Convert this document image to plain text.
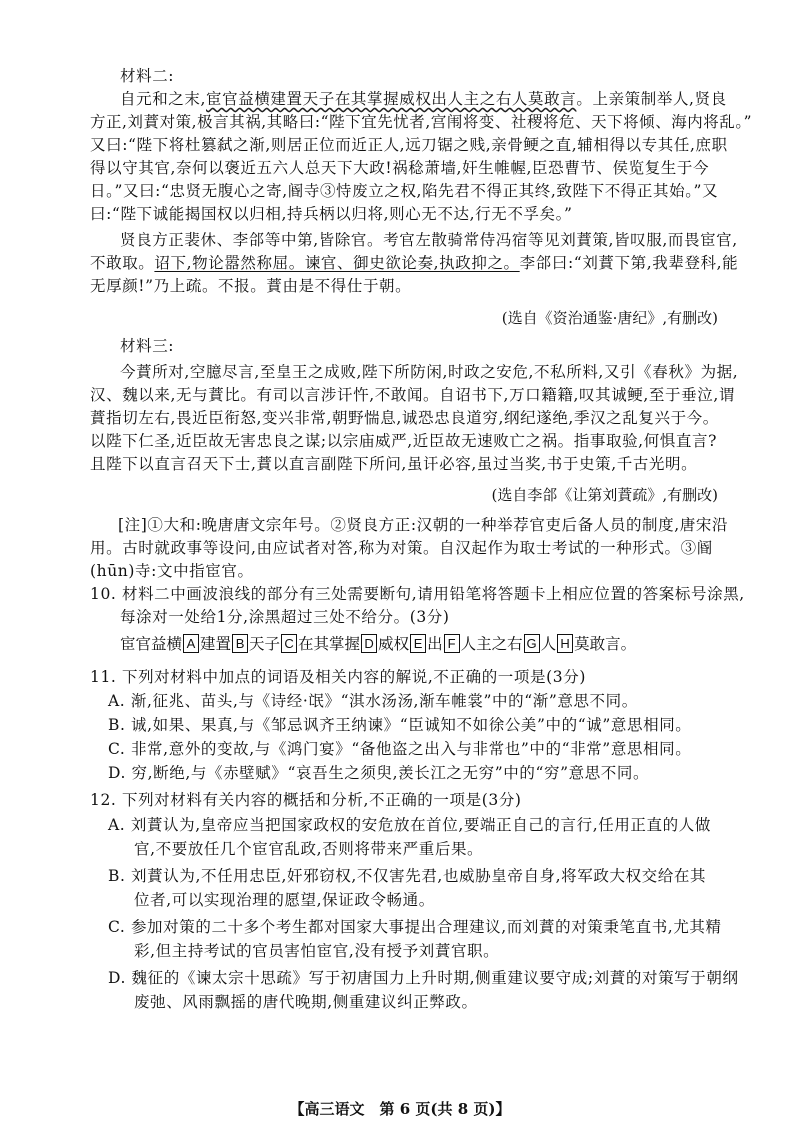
材料二:
自元和之末,宦官益横建置天子在其掌握威权出人主之右人莫敢言。上亲策制举人,贤良
方正,刘蕡对策,极言其祸,其略曰:“陛下宜先忧者,宫闱将变、社稷将危、天下将倾、海内将乱。”
又曰:“陛下将杜篡弑之渐,则居正位而近正人,远刀锯之贱,亲骨鲠之直,辅相得以专其任,庶职
得以守其官,奈何以褒近五六人总天下大政!祸稔萧墙,奸生帷幄,臣恐曹节、侯览复生于今
日。”又曰:“忠贤无腹心之寄,阍寺③恃废立之权,陷先君不得正其终,致陛下不得正其始。”又
曰:“陛下诚能揭国权以归相,持兵柄以归将,则心无不达,行无不孚矣。”
贤良方正裴休、李郃等中第,皆除官。考官左散骑常侍冯宿等见刘蕡策,皆叹服,而畏宦官,
不敢取。诏下,物论嚣然称屈。谏官、御史欲论奏,执政抑之。李郃曰:“刘蕡下第,我辈登科,能
无厚颜!”乃上疏。不报。蕡由是不得仕于朝。
(选自《资治通鉴·唐纪》,有删改)
材料三:
今蕡所对,空臆尽言,至皇王之成败,陛下所防闲,时政之安危,不私所料,又引《春秋》为据,
汉、魏以来,无与蕡比。有司以言涉讦忤,不敢闻。自诏书下,万口籍籍,叹其诚鲠,至于垂泣,谓
蕡指切左右,畏近臣衔怒,变兴非常,朝野惴息,诚恐忠良道穷,纲纪遂绝,季汉之乱复兴于今。
以陛下仁圣,近臣故无害忠良之谋;以宗庙威严,近臣故无速败亡之祸。指事取验,何惧直言?
且陛下以直言召天下士,蕡以直言副陛下所问,虽讦必容,虽过当奖,书于史策,千古光明。
(选自李郃《让第刘蕡疏》,有删改)
[注]①大和:晚唐唐文宗年号。②贤良方正:汉朝的一种举荐官吏后备人员的制度,唐宋沿
用。古时就政事等设问,由应试者对答,称为对策。自汉起作为取士考试的一种形式。③阍
(hūn)寺:文中指宦官。
10. 材料二中画波浪线的部分有三处需要断句,请用铅笔将答题卡上相应位置的答案标号涂黑,
每涂对一处给1分,涂黑超过三处不给分。(3分)
宦官益横 A 建置 B 天子 C 在其掌握 D 威权 E 出 F 人主之右 G 人 H 莫敢言。
11. 下列对材料中加点的词语及相关内容的解说,不正确的一项是(3分)
A. 渐,征兆、苗头,与《诗经·氓》“淇水汤汤,渐车帷裳”中的“渐”意思不同。
B. 诚,如果、果真,与《邹忌讽齐王纳谏》“臣诚知不如徐公美”中的“诚”意思相同。
C. 非常,意外的变故,与《鸿门宴》“备他盗之出入与非常也”中的“非常”意思相同。
D. 穷,断绝,与《赤壁赋》“哀吾生之须臾,羡长江之无穷”中的“穷”意思不同。
12. 下列对材料有关内容的概括和分析,不正确的一项是(3分)
A. 刘蕡认为,皇帝应当把国家政权的安危放在首位,要端正自己的言行,任用正直的人做
官,不要放任几个宦官乱政,否则将带来严重后果。
B. 刘蕡认为,不任用忠臣,奸邪窃权,不仅害先君,也威胁皇帝自身,将军政大权交给在其
位者,可以实现治理的愿望,保证政令畅通。
C. 参加对策的二十多个考生都对国家大事提出合理建议,而刘蕡的对策秉笔直书,尤其精
彩,但主持考试的官员害怕宦官,没有授予刘蕡官职。
D. 魏征的《谏太宗十思疏》写于初唐国力上升时期,侧重建议要守成;刘蕡的对策写于朝纲
废弛、风雨飘摇的唐代晚期,侧重建议纠正弊政。
【高三语文　第 6 页(共 8 页)】
